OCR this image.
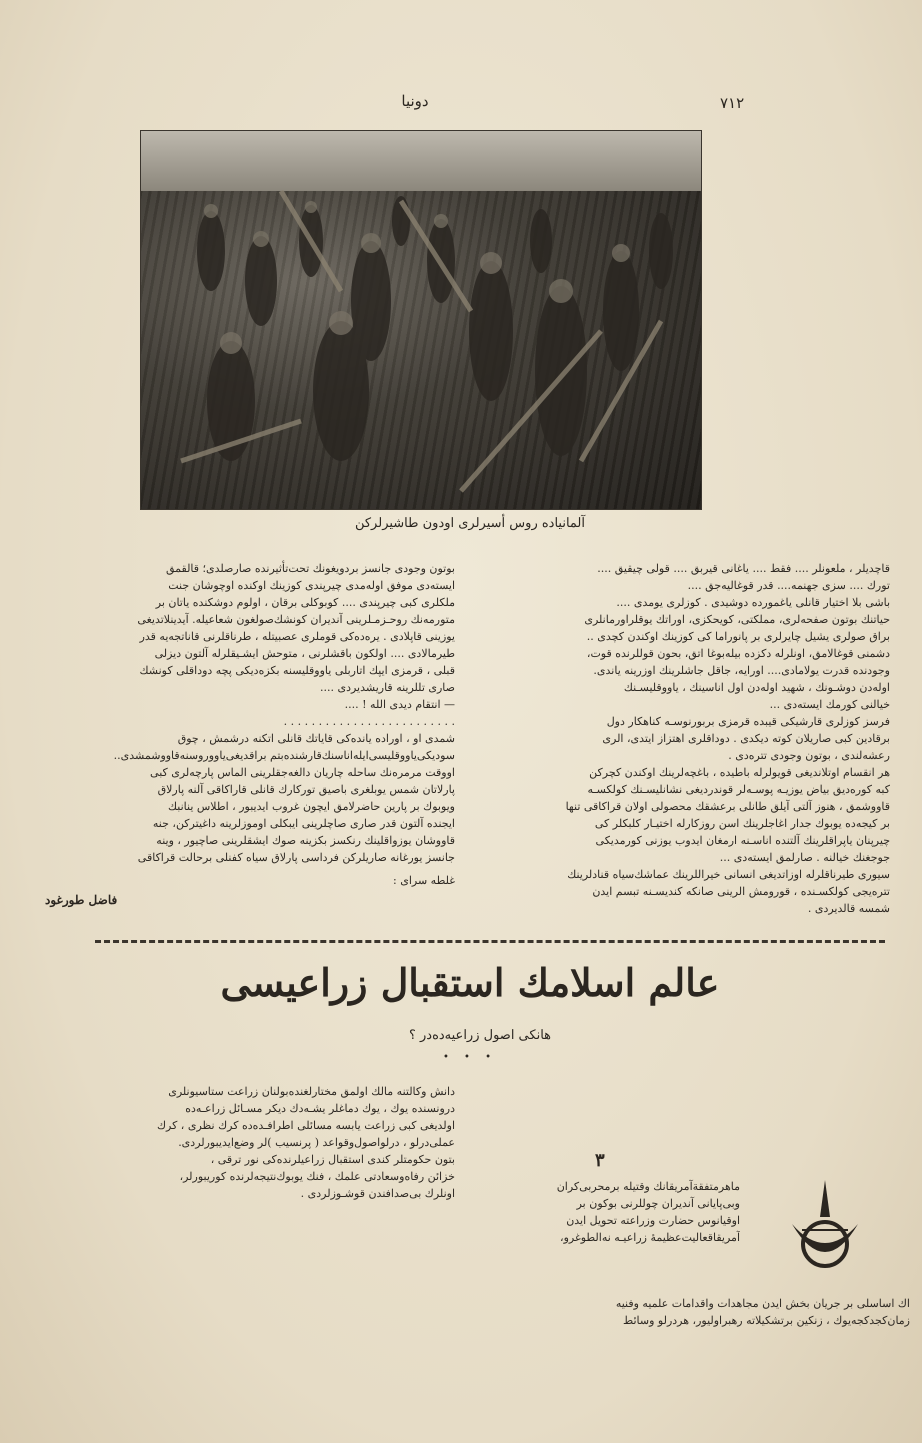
دونیا	۷۱۲
آلمانیاده روس أسیرلری اودون طاشیرلرکن

قاچدیلر ، ملعونلر .... فقط .... یاغانی قیربق .... قولی چیقیق ....

تورك .... سزی جهنمه.... قدر قوغالیه‌جق ....

باشی بلا اختیار قانلی یاغمورده دوشیدی . کوزلری یومدی ....

حیاتنك بوتون صفحه‌لری، مملکتی، کویحکزی، اوراتك یوقلراورمانلری

براق صولری یشیل چایرلری بر پانوراما کی کوزینك اوکندن کچدی ..

دشمنی قوغالامق، اونلرله دکزده بیله‌بوغا اتق، بحون قوللرنده قوت،

وجودنده قدرت یولامادی.... اورایه، جاقل جاشلرینك اوزرینه یاندی.

اوله‌دن دوشـونك ، شهید اوله‌دن اول اناسینك ، یاووقلیسـنك

خیالنی کورمك ایسته‌دی ...

فرسز کوزلری قارشیکی قیبده قرمزی بربورنوسـه کناهکار دول

برقادین کبی صاریلان کوته دیکدی . دوداقلری اهتزاز ایتدی، الری

رعشه‌لندی ، بوتون وجودی تتره‌دی .

هر انقسام اوتلاندیغی قویولرله باطیده ، باغچه‌لرینك اوکندن کچرکن

کبه کوره‌دیق بیاض یوزیـه پوسـه‌لر قوندردیغی نشانلیسـنك کولکسـه

قاووشمق ، هنوز آلتی آیلق طانلی برعشقك محصولی اولان قراکاقی تنها

بر کیجه‌ده یوبوك جدار اغاجلرینك اسن روزکارله اختیـار کلبکلر کی

چیرپنان یاپراقلرینك آلتنده اناسـنه ارمغان ایدوب یوزنی کورمدیکی

جوجغنك خیالنه . صارلمق ایسته‌دی ...

سیوری طیرناقلرله اوزاتدیغی انسانی خیراللرینك عماشك‌سیاه قنادلرینك

تتره‌یجی کولکسـنده ، قورومش الرینی صانکه کندیسـنه تبسم ایدن

شمسه قالدیردی .

بوتون وجودی جانسز بردویغونك تحت‌تأثیرنده صارصلدی؛ قالقمق

ایسته‌دی موفق اوله‌مدی چیرپندی کوزینك اوکنده اوچوشان جنت

ملکلری کبی چیرپندی .... کوبوکلی برقان ، اولوم دوشکنده یاتان بر

متورمه‌نك روحـزمـلرینی آندیران کونشك‌صولغون شعاعیله. آیدینلاتدیغی

یوزینی قاپلادی . یره‌ده‌کی قوملری عصبیتله ، طرناقلرنی قاناتجه‌یه قدر

طیرمالادی .... اولکون باقشلرنی ، متوحش ایشـیقلرله آلتون دیزلی

قبلی ، قرمزی ایپك اتاربلی یاووقلیسنه بکزه‌دیکی پچه دوداقلی کونشك

صاری تللرینه قاریشدیردی ....

— انتقام دیدی الله ! ....

. . . . . . . . . . . . . . . . . . . . . . . . .

شمدی او ، اوراده یانده‌کی قایاتك قانلی اتکنه درشمش ، چوق

سودیکی‌یاووقلیسی‌ایله‌اناسنك‌قارشنده‌بتم براقدیغی‌یاووروسنه‌قاووشمشدی..

اووقت مرمره‌نك ساحله چاریان دالغه‌جقلرینی الماس پارچه‌لری کبی

پارلاتان شمس یوبلغری باصیق تورکارك قانلی قاراکاقی آلنه پارلاق

ویوبوك بر پارین حاضرلامق ایچون غروب ایدیبور ، اطلاس ینانبك

ایجنده آلتون قدر صاری صاچلرینی ایبکلی اوموزلرینه داغیترکن، جنه

قاووشان یوزواقلینك رنکسز بکزینه صوك ایشقلرینی صاچیور ، وینه

جانسز یورغانه صاریلرکن فرداسی پارلاق سیاه کفنلی برحالت قراکاقی

غلطه سرای :

فاضل طورغود
عالم اسلامك استقبال زراعیسی
هانکی اصول زراعیه‌ده‌در ؟
• • •
۳

دانش وکالتنه مالك اولمق مختارلغنده‌بولنان زراعت ستاسیونلری

درونسنده یوك ، یوك دماغلر یشـه‌دك دیکر مسـائل زراعـه‌ده

اولدیغی کبی زراعت یابسه مسائلی اطرافـده‌ده کرك نظری ، کرك

عملی‌درلو ، درلواصول‌وقواعد ( پرنسیب )لر وضع‌ایدیبورلردی.

بتون حکومتلر کندی استقبال زراعیلرنده‌کی نور ترقی ،

خزائن رفاه‌وسعادتی علمك ، فنك یوبوك‌نتیجه‌لرنده کوریبورلر،

اونلرك بی‌صدافندن قوشـوزلردی .

ماهرمتفقةآمریقانك وقتیله برمحربی‌کران

وبی‌پایانی آندیران چوللرنی بوکون بر

اوقیانوس حضارت وزراعته تحویل ایدن

آمریقاقعالیت‌عظیمهٔ زراعیـه‌ نه‌الطوغرو،

اك اساسلی بر جریان بخش ایدن مجاهدات واقدامات علمیه وفنیه

زمان‌کجدکجه‌یوك ، زنکین برتشکیلاته رهبراولیور، هردرلو وسائط
